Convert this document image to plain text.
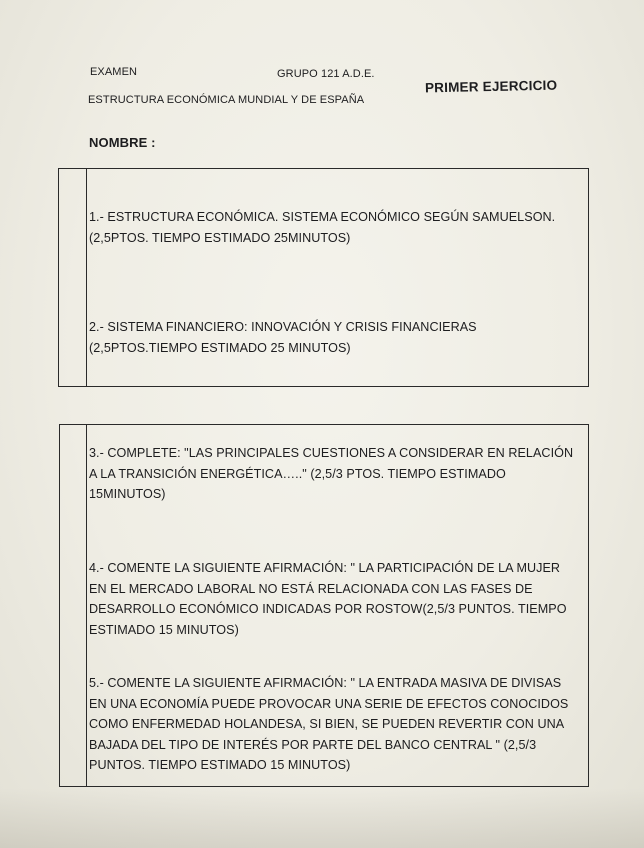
EXAMEN	GRUPO 121 A.D.E.
PRIMER EJERCICIO
ESTRUCTURA ECONÓMICA MUNDIAL Y DE ESPAÑA
NOMBRE :
1.- ESTRUCTURA ECONÓMICA. SISTEMA ECONÓMICO SEGÚN SAMUELSON.
(2,5PTOS. TIEMPO ESTIMADO 25MINUTOS)
2.- SISTEMA FINANCIERO: INNOVACIÓN Y CRISIS FINANCIERAS
(2,5PTOS.TIEMPO ESTIMADO 25 MINUTOS)
3.- COMPLETE: "LAS PRINCIPALES CUESTIONES A CONSIDERAR EN RELACIÓN
A LA TRANSICIÓN ENERGÉTICA….." (2,5/3 PTOS. TIEMPO ESTIMADO
15MINUTOS)
4.- COMENTE LA SIGUIENTE AFIRMACIÓN: " LA PARTICIPACIÓN DE LA MUJER
EN EL MERCADO LABORAL NO ESTÁ RELACIONADA CON LAS FASES DE
DESARROLLO ECONÓMICO INDICADAS POR ROSTOW(2,5/3 PUNTOS. TIEMPO
ESTIMADO 15 MINUTOS)
5.- COMENTE LA SIGUIENTE AFIRMACIÓN: " LA ENTRADA MASIVA DE DIVISAS
EN UNA ECONOMÍA PUEDE PROVOCAR UNA SERIE DE EFECTOS CONOCIDOS
COMO ENFERMEDAD HOLANDESA, SI BIEN, SE PUEDEN REVERTIR CON UNA
BAJADA DEL TIPO DE INTERÉS POR PARTE DEL BANCO CENTRAL " (2,5/3
PUNTOS. TIEMPO ESTIMADO 15 MINUTOS)
